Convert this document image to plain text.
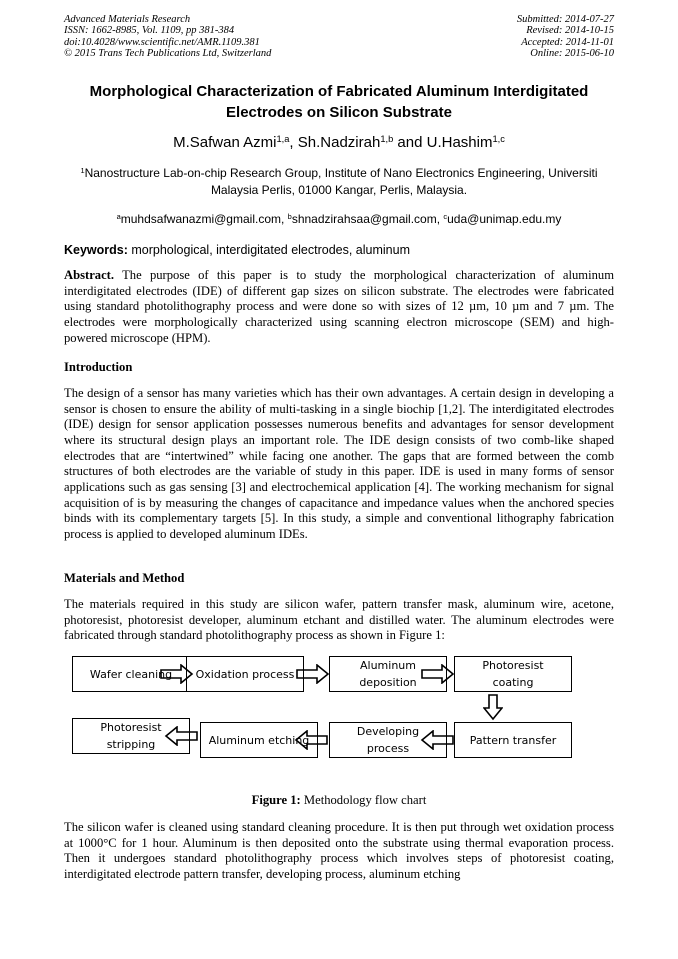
Advanced Materials Research
ISSN: 1662-8985, Vol. 1109, pp 381-384
doi:10.4028/www.scientific.net/AMR.1109.381
© 2015 Trans Tech Publications Ltd, Switzerland
Submitted: 2014-07-27
Revised: 2014-10-15
Accepted: 2014-11-01
Online: 2015-06-10
Morphological Characterization of Fabricated Aluminum Interdigitated
Electrodes on Silicon Substrate
M.Safwan Azmi$^{1,a}$, Sh.Nadzirah$^{1,b}$ and U.Hashim$^{1,c}$
$^1$Nanostructure Lab-on-chip Research Group, Institute of Nano Electronics Engineering, Universiti
Malaysia Perlis, 01000 Kangar, Perlis, Malaysia.
$^a$muhdsafwanazmi@gmail.com, $^b$shnadzirahsaa@gmail.com, $^c$uda@unimap.edu.my
Keywords: morphological, interdigitated electrodes, aluminum

Abstract. The purpose of this paper is to study the morphological characterization of aluminum interdigitated electrodes (IDE) of different gap sizes on silicon substrate. The electrodes were fabricated using standard photolithography process and were done so with sizes of 12 µm, 10 µm and 7 µm. The electrodes were morphologically characterized using scanning electron microscope (SEM) and high-powered microscope (HPM).

Introduction

The design of a sensor has many varieties which has their own advantages. A certain design in developing a sensor is chosen to ensure the ability of multi-tasking in a single biochip [1,2]. The interdigitated electrodes (IDE) design for sensor application possesses numerous benefits and advantages for sensor development where its structural design plays an important role. The IDE design consists of two comb-like shaped electrodes that are “intertwined” while facing one another. The gaps that are formed between the comb structures of both electrodes are the variable of study in this paper. IDE is used in many forms of sensor applications such as gas sensing [3] and electrochemical application [4]. The working mechanism for signal acquisition of is by measuring the changes of capacitance and impedance values when the anchored species binds with its complementary targets [5]. In this study, a simple and conventional lithography fabrication process is applied to developed aluminum IDEs.

Materials and Method

The materials required in this study are silicon wafer, pattern transfer mask, aluminum wire, acetone, photoresist, photoresist developer, aluminum etchant and distilled water. The aluminum electrodes were fabricated through standard photolithography process as shown in Figure 1:

Wafer cleaning	Oxidation process
Aluminum deposition
Photoresist coating
Pattern transfer
Developing process
Aluminum etching
Photoresist stripping
Figure 1: Methodology flow chart

The silicon wafer is cleaned using standard cleaning procedure. It is then put through wet oxidation process at 1000°C for 1 hour. Aluminum is then deposited onto the substrate using thermal evaporation process. Then it undergoes standard photolithography process which involves steps of photoresist coating, interdigitated electrode pattern transfer, developing process, aluminum etching
